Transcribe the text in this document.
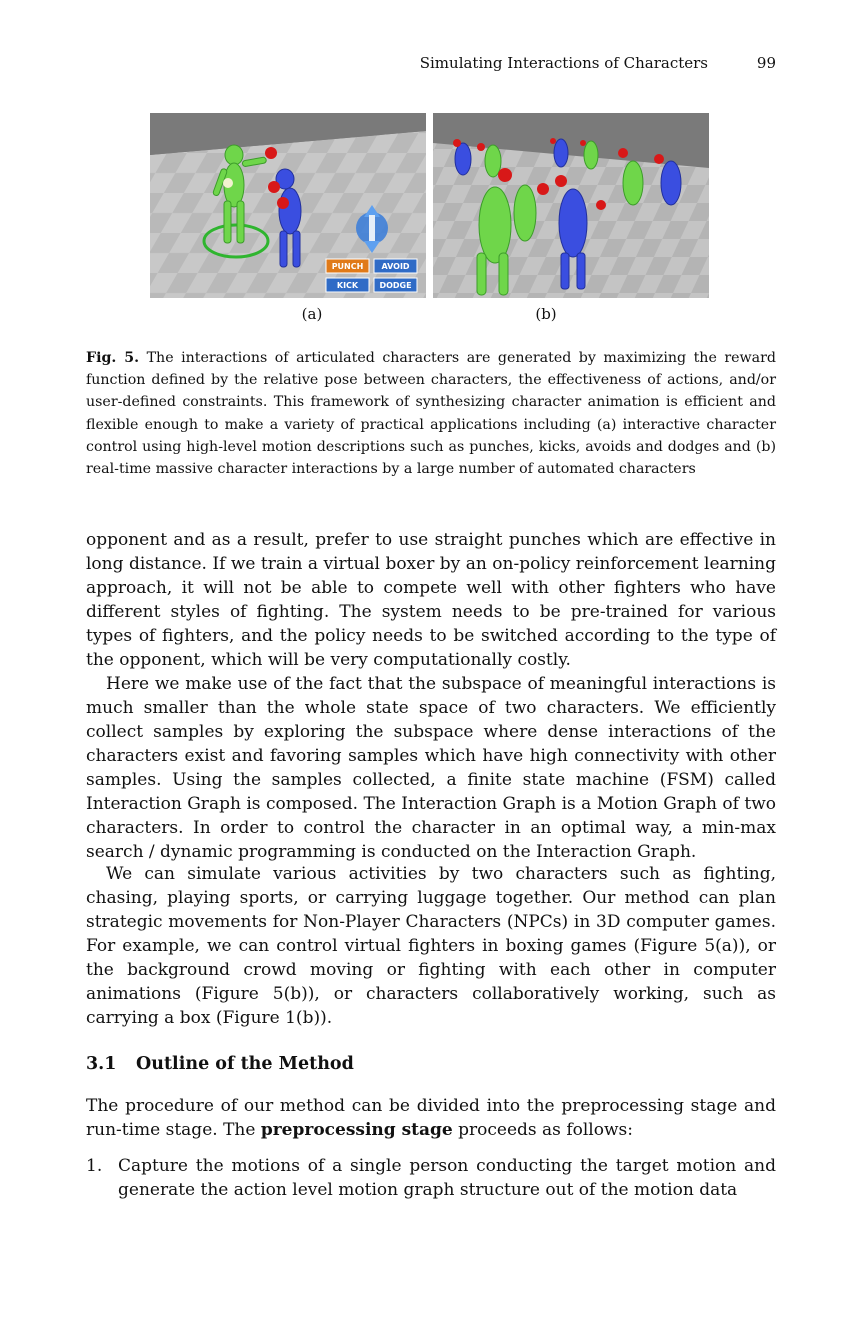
Simulating Interactions of Characters	99
PUNCH AVOID
KICK	DODGE
(a)	(b)
Fig. 5. The interactions of articulated characters are generated by maximizing the reward function defined by the relative pose between characters, the effectiveness of actions, and/or user-defined constraints. This framework of synthesizing character animation is efficient and flexible enough to make a variety of practical applications including (a) interactive character control using high-level motion descriptions such as punches, kicks, avoids and dodges and (b) real-time massive character interactions by a large number of automated characters

opponent and as a result, prefer to use straight punches which are effective in long distance. If we train a virtual boxer by an on-policy reinforcement learning approach, it will not be able to compete well with other fighters who have different styles of fighting. The system needs to be pre-trained for various types of fighters, and the policy needs to be switched according to the type of the opponent, which will be very computationally costly.

Here we make use of the fact that the subspace of meaningful interactions is much smaller than the whole state space of two characters. We efficiently collect samples by exploring the subspace where dense interactions of the characters exist and favoring samples which have high connectivity with other samples. Using the samples collected, a finite state machine (FSM) called Interaction Graph is composed. The Interaction Graph is a Motion Graph of two characters. In order to control the character in an optimal way, a min-max search / dynamic programming is conducted on the Interaction Graph.

We can simulate various activities by two characters such as fighting, chasing, playing sports, or carrying luggage together. Our method can plan strategic movements for Non-Player Characters (NPCs) in 3D computer games. For example, we can control virtual fighters in boxing games (Figure 5(a)), or the background crowd moving or fighting with each other in computer animations (Figure 5(b)), or characters collaboratively working, such as carrying a box (Figure 1(b)).

3.1 Outline of the Method

The procedure of our method can be divided into the preprocessing stage and run-time stage. The preprocessing stage proceeds as follows:

1. Capture the motions of a single person conducting the target motion and generate the action level motion graph structure out of the motion data
